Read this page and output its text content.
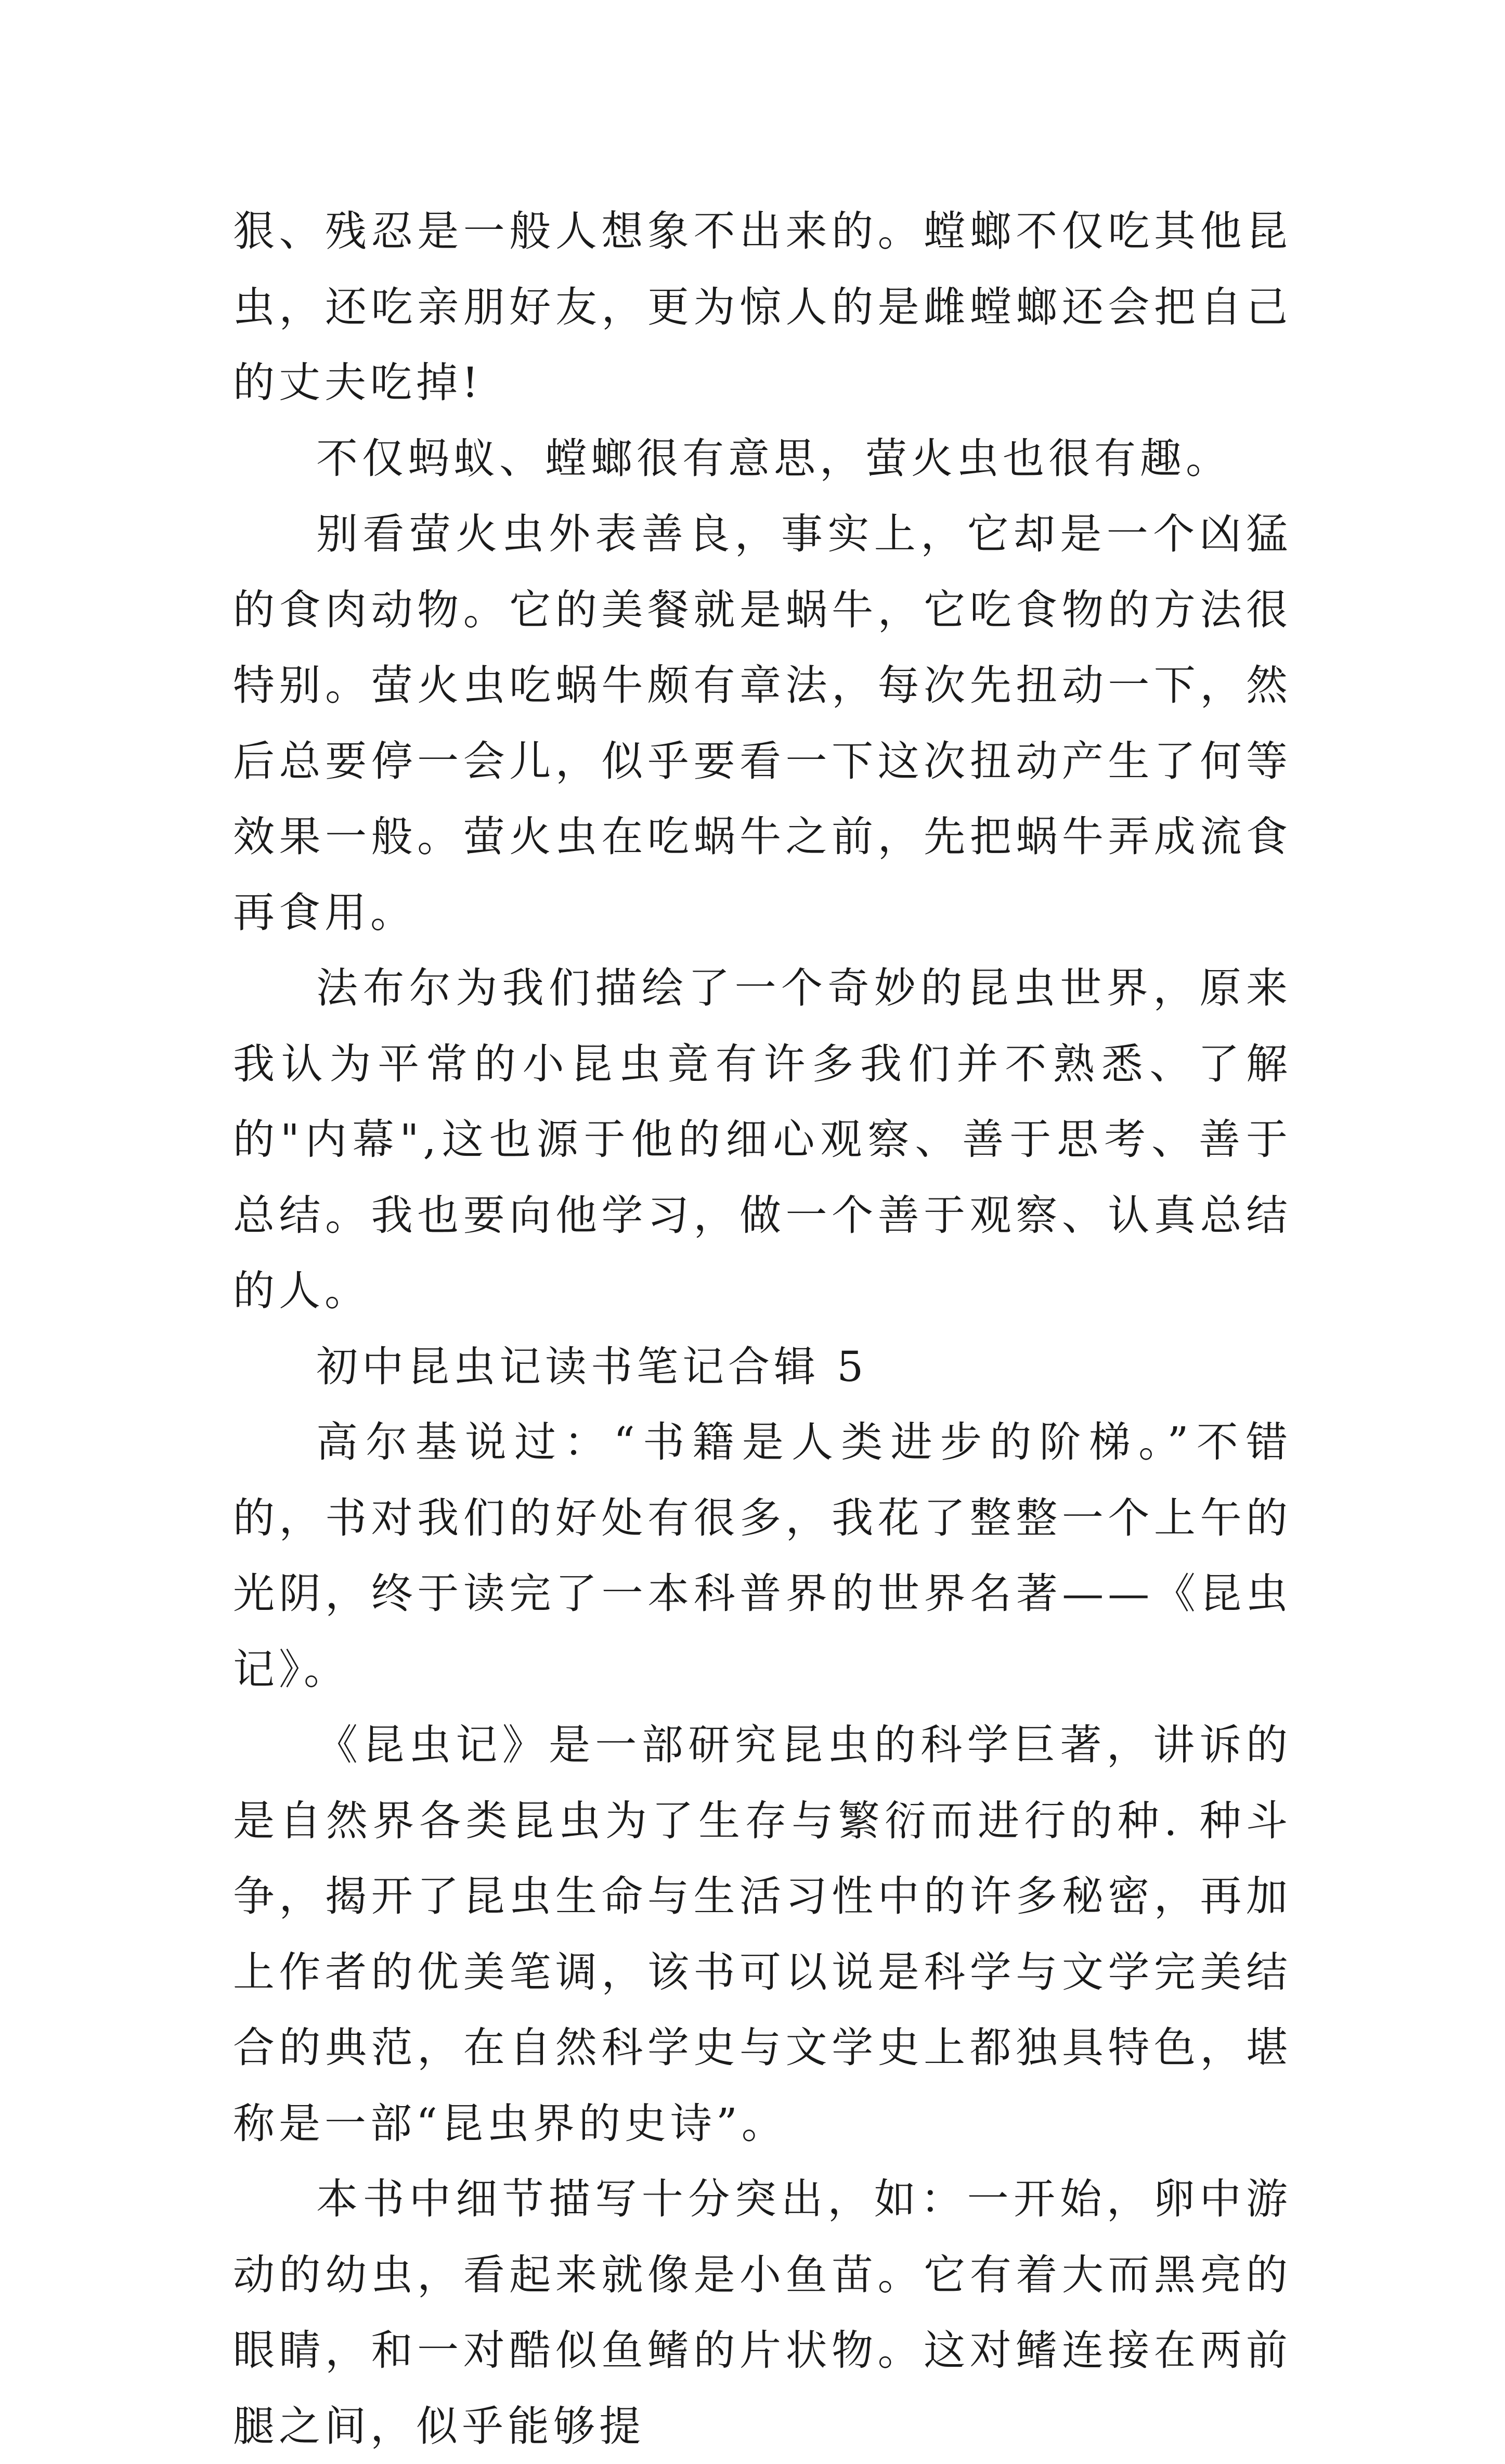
狠、残忍是一般人想象不出来的。螳螂不仅吃其他昆虫，还吃亲朋好友，更为惊人的是雌螳螂还会把自己的丈夫吃掉!

不仅蚂蚁、螳螂很有意思，萤火虫也很有趣。

别看萤火虫外表善良，事实上，它却是一个凶猛的食肉动物。它的美餐就是蜗牛，它吃食物的方法很特别。萤火虫吃蜗牛颇有章法，每次先扭动一下，然后总要停一会儿，似乎要看一下这次扭动产生了何等效果一般。萤火虫在吃蜗牛之前，先把蜗牛弄成流食再食用。

法布尔为我们描绘了一个奇妙的昆虫世界，原来我认为平常的小昆虫竟有许多我们并不熟悉、了解的"内幕",这也源于他的细心观察、善于思考、善于总结。我也要向他学习，做一个善于观察、认真总结的人。

初中昆虫记读书笔记合辑 5

高尔基说过：“书籍是人类进步的阶梯。”不错的，书对我们的好处有很多，我花了整整一个上午的光阴，终于读完了一本科普界的世界名著——《昆虫记》。

《昆虫记》是一部研究昆虫的科学巨著，讲诉的是自然界各类昆虫为了生存与繁衍而进行的种. 种斗争，揭开了昆虫生命与生活习性中的许多秘密，再加上作者的优美笔调，该书可以说是科学与文学完美结合的典范，在自然科学史与文学史上都独具特色，堪称是一部“昆虫界的史诗”。

本书中细节描写十分突出，如：一开始，卵中游动的幼虫，看起来就像是小鱼苗。它有着大而黑亮的眼睛，和一对酷似鱼鳍的片状物。这对鳍连接在两前腿之间，似乎能够提
